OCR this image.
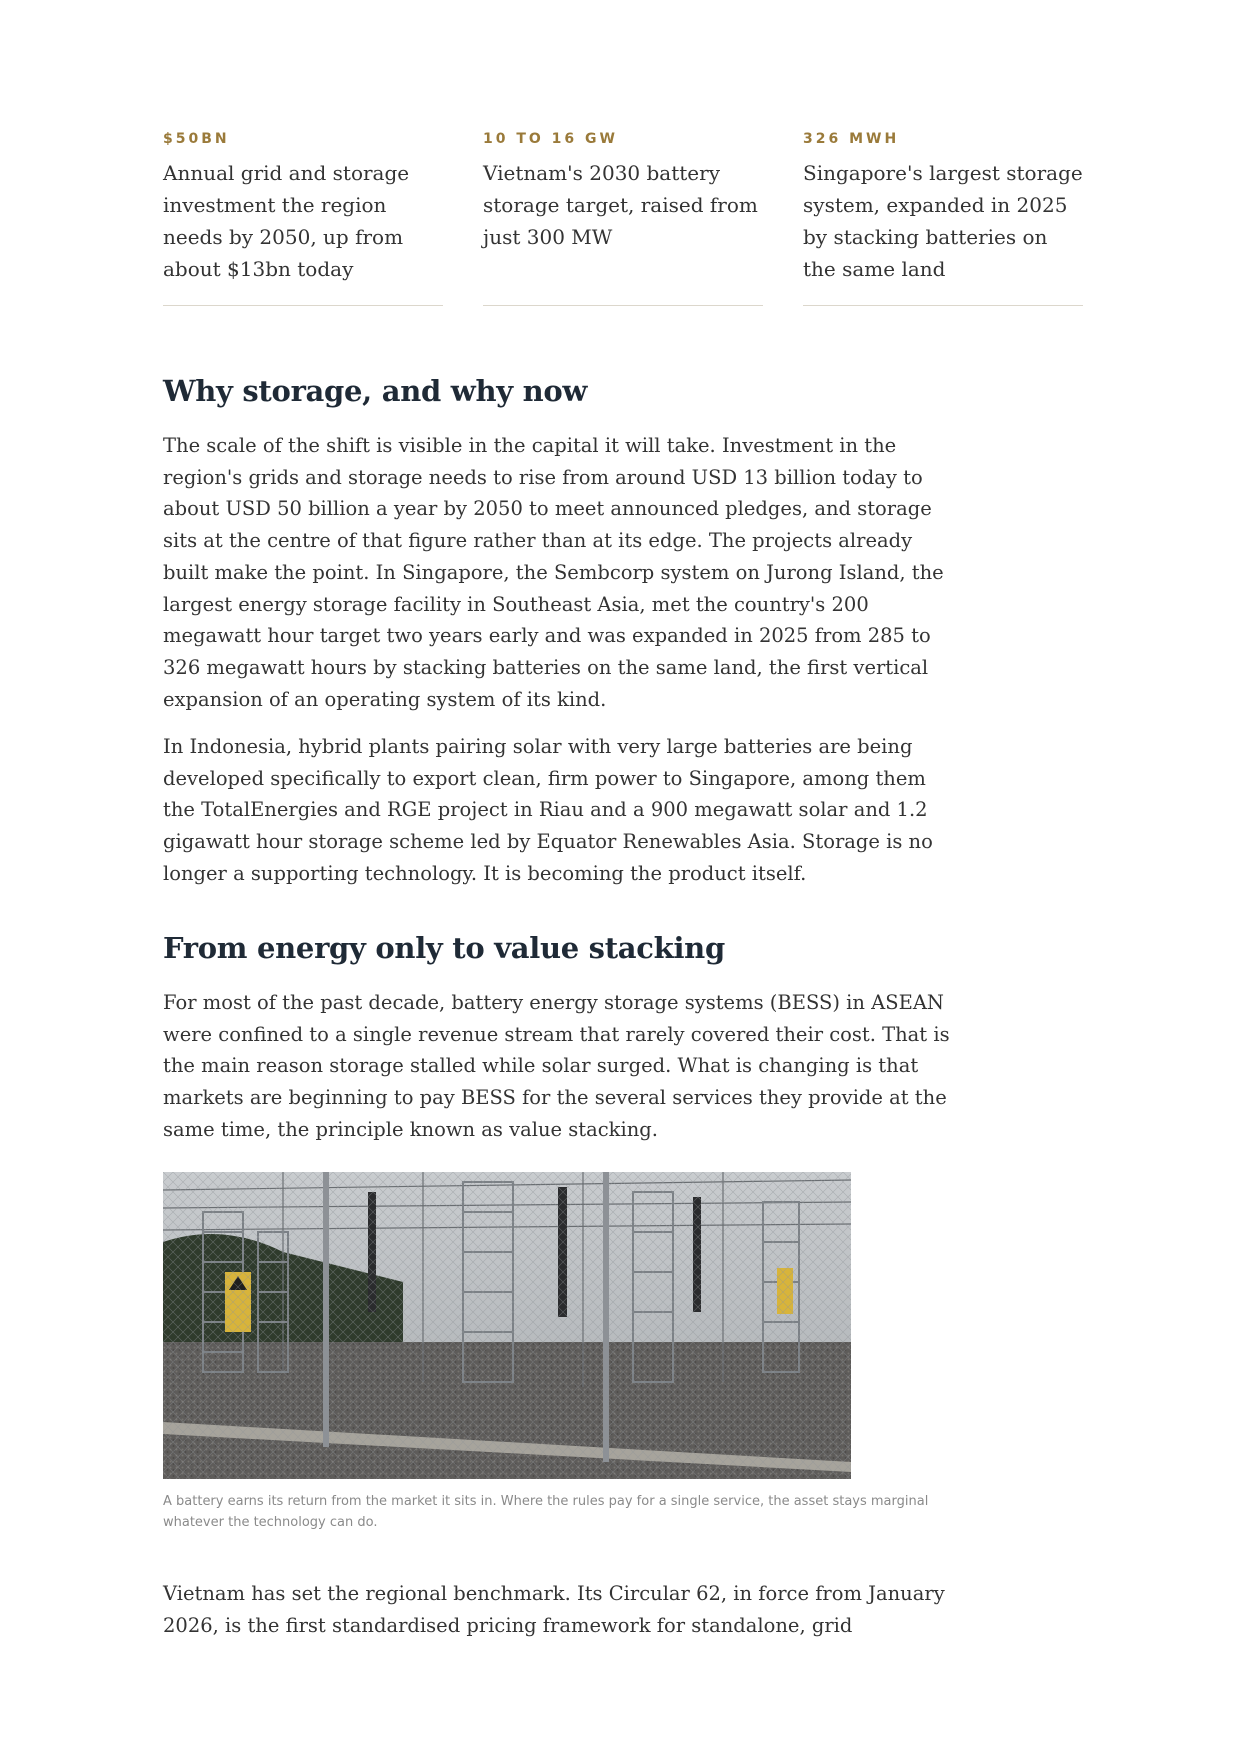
$50BN

Annual grid and storage investment the region needs by 2050, up from about $13bn today

10 TO 16 GW

Vietnam's 2030 battery storage target, raised from just 300 MW

326 MWH

Singapore's largest storage system, expanded in 2025 by stacking batteries on the same land

Why storage, and why now

The scale of the shift is visible in the capital it will take. Investment in the region's grids and storage needs to rise from around USD 13 billion today to about USD 50 billion a year by 2050 to meet announced pledges, and storage sits at the centre of that figure rather than at its edge. The projects already built make the point. In Singapore, the Sembcorp system on Jurong Island, the largest energy storage facility in Southeast Asia, met the country's 200 megawatt hour target two years early and was expanded in 2025 from 285 to 326 megawatt hours by stacking batteries on the same land, the first vertical expansion of an operating system of its kind.

In Indonesia, hybrid plants pairing solar with very large batteries are being developed specifically to export clean, firm power to Singapore, among them the TotalEnergies and RGE project in Riau and a 900 megawatt solar and 1.2 gigawatt hour storage scheme led by Equator Renewables Asia. Storage is no longer a supporting technology. It is becoming the product itself.

From energy only to value stacking

For most of the past decade, battery energy storage systems (BESS) in ASEAN were confined to a single revenue stream that rarely covered their cost. That is the main reason storage stalled while solar surged. What is changing is that markets are beginning to pay BESS for the several services they provide at the same time, the principle known as value stacking.

A battery earns its return from the market it sits in. Where the rules pay for a single service, the asset stays marginal whatever the technology can do.

Vietnam has set the regional benchmark. Its Circular 62, in force from January 2026, is the first standardised pricing framework for standalone, grid
